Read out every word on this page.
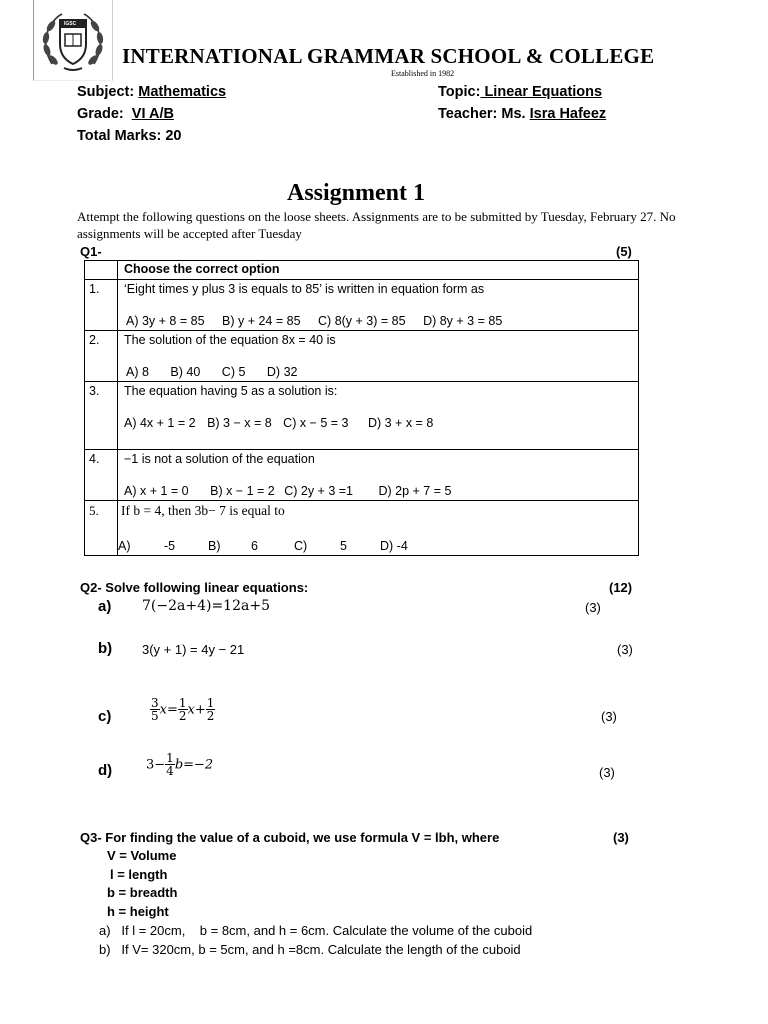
IGSC
INTERNATIONAL GRAMMAR SCHOOL & COLLEGE
Established in 1982
Subject: Mathematics	Topic: Linear Equations
Grade: VI A/B	Teacher: Ms. Isra Hafeez
Total Marks: 20
Assignment 1
Attempt the following questions on the loose sheets. Assignments are to be submitted by Tuesday, February 27. No assignments will be accepted after Tuesday
Q1-	(5)
	Choose the correct option
1.	‘Eight times y plus 3 is equals to 85’ is written in equation form as
A) 3y + 8 = 85 B) y + 24 = 85 C) 8(y + 3) = 85 D) 8y + 3 = 85

2.	The solution of the equation 8x = 40 is
A) 8 B) 40 C) 5 D) 32

3.	The equation having 5 as a solution is:
A) 4x + 1 = 2 B) 3 − x = 8 C) x − 5 = 3 D) 3 + x = 8

4.	−1 is not a solution of the equation
A) x + 1 = 0 B) x − 1 = 2 C) 2y + 3 =1 D) 2p + 7 = 5

5.	If b = 4, then 3b− 7 is equal to
A) -5 B) 6 C) 5 D) -4
Q2- Solve following linear equations:	(12)
a) 7(−2a+4)=12a+5	(3)
b) 3(y + 1) = 4y − 21	(3)
c)	$\frac{3}{5} x= \frac{1}{2} x+ \frac{1}{2}$	(3)
d)	$3- \frac{1}{4} b=-2$	(3)
Q3- For finding the value of a cuboid, we use formula V = lbh, where	(3)
V = Volume
l = length
b = breadth
h = height
a)   If l = 20cm,    b = 8cm, and h = 6cm. Calculate the volume of the cuboid
b)   If V= 320cm, b = 5cm, and h =8cm. Calculate the length of the cuboid
